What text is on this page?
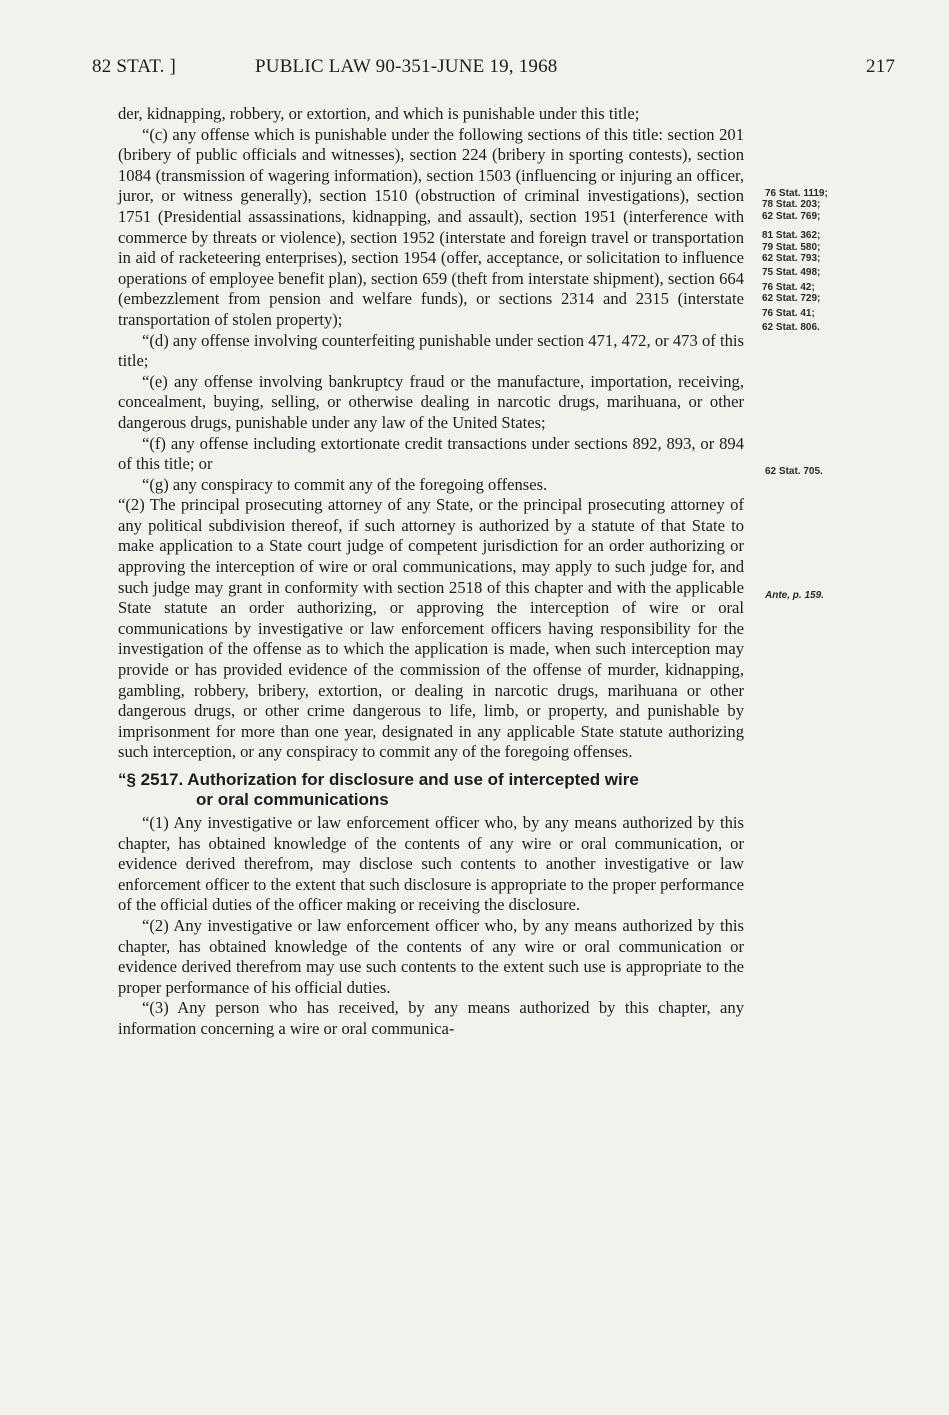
82 STAT. ]	PUBLIC LAW 90-351-JUNE 19, 1968	217

der, kidnapping, robbery, or extortion, and which is punishable under this title;

“(c) any offense which is punishable under the following sections of this title: section 201 (bribery of public officials and witnesses), section 224 (bribery in sporting contests), section 1084 (transmission of wagering information), section 1503 (influencing or injuring an officer, juror, or witness generally), section 1510 (obstruction of criminal investigations), section 1751 (Presidential assassinations, kidnapping, and assault), section 1951 (interference with commerce by threats or violence), section 1952 (interstate and foreign travel or transportation in aid of racketeering enterprises), section 1954 (offer, acceptance, or solicitation to influence operations of employee benefit plan), section 659 (theft from interstate shipment), section 664 (embezzlement from pension and welfare funds), or sections 2314 and 2315 (interstate transportation of stolen property);

“(d) any offense involving counterfeiting punishable under section 471, 472, or 473 of this title;

“(e) any offense involving bankruptcy fraud or the manufacture, importation, receiving, concealment, buying, selling, or otherwise dealing in narcotic drugs, marihuana, or other dangerous drugs, punishable under any law of the United States;

“(f) any offense including extortionate credit transactions under sections 892, 893, or 894 of this title; or

“(g) any conspiracy to commit any of the foregoing offenses.

“(2) The principal prosecuting attorney of any State, or the principal prosecuting attorney of any political subdivision thereof, if such attorney is authorized by a statute of that State to make application to a State court judge of competent jurisdiction for an order authorizing or approving the interception of wire or oral communications, may apply to such judge for, and such judge may grant in conformity with section 2518 of this chapter and with the applicable State statute an order authorizing, or approving the interception of wire or oral communications by investigative or law enforcement officers having responsibility for the investigation of the offense as to which the application is made, when such interception may provide or has provided evidence of the commission of the offense of murder, kidnapping, gambling, robbery, bribery, extortion, or dealing in narcotic drugs, marihuana or other dangerous drugs, or other crime dangerous to life, limb, or property, and punishable by imprisonment for more than one year, designated in any applicable State statute authorizing such interception, or any conspiracy to commit any of the foregoing offenses.

“§ 2517. Authorization for disclosure and use of intercepted wire
or oral communications

“(1) Any investigative or law enforcement officer who, by any means authorized by this chapter, has obtained knowledge of the contents of any wire or oral communication, or evidence derived therefrom, may disclose such contents to another investigative or law enforcement officer to the extent that such disclosure is appropriate to the proper performance of the official duties of the officer making or receiving the disclosure.

“(2) Any investigative or law enforcement officer who, by any means authorized by this chapter, has obtained knowledge of the contents of any wire or oral communication or evidence derived therefrom may use such contents to the extent such use is appropriate to the proper performance of his official duties.

“(3) Any person who has received, by any means authorized by this chapter, any information concerning a wire or oral communica-

76 Stat. 1119;
78 Stat. 203;
62 Stat. 769;
81 Stat. 362;
79 Stat. 580;
62 Stat. 793;
75 Stat. 498;
76 Stat. 42;
62 Stat. 729;
76 Stat. 41;
62 Stat. 806.
62 Stat. 705.
Ante, p. 159.
